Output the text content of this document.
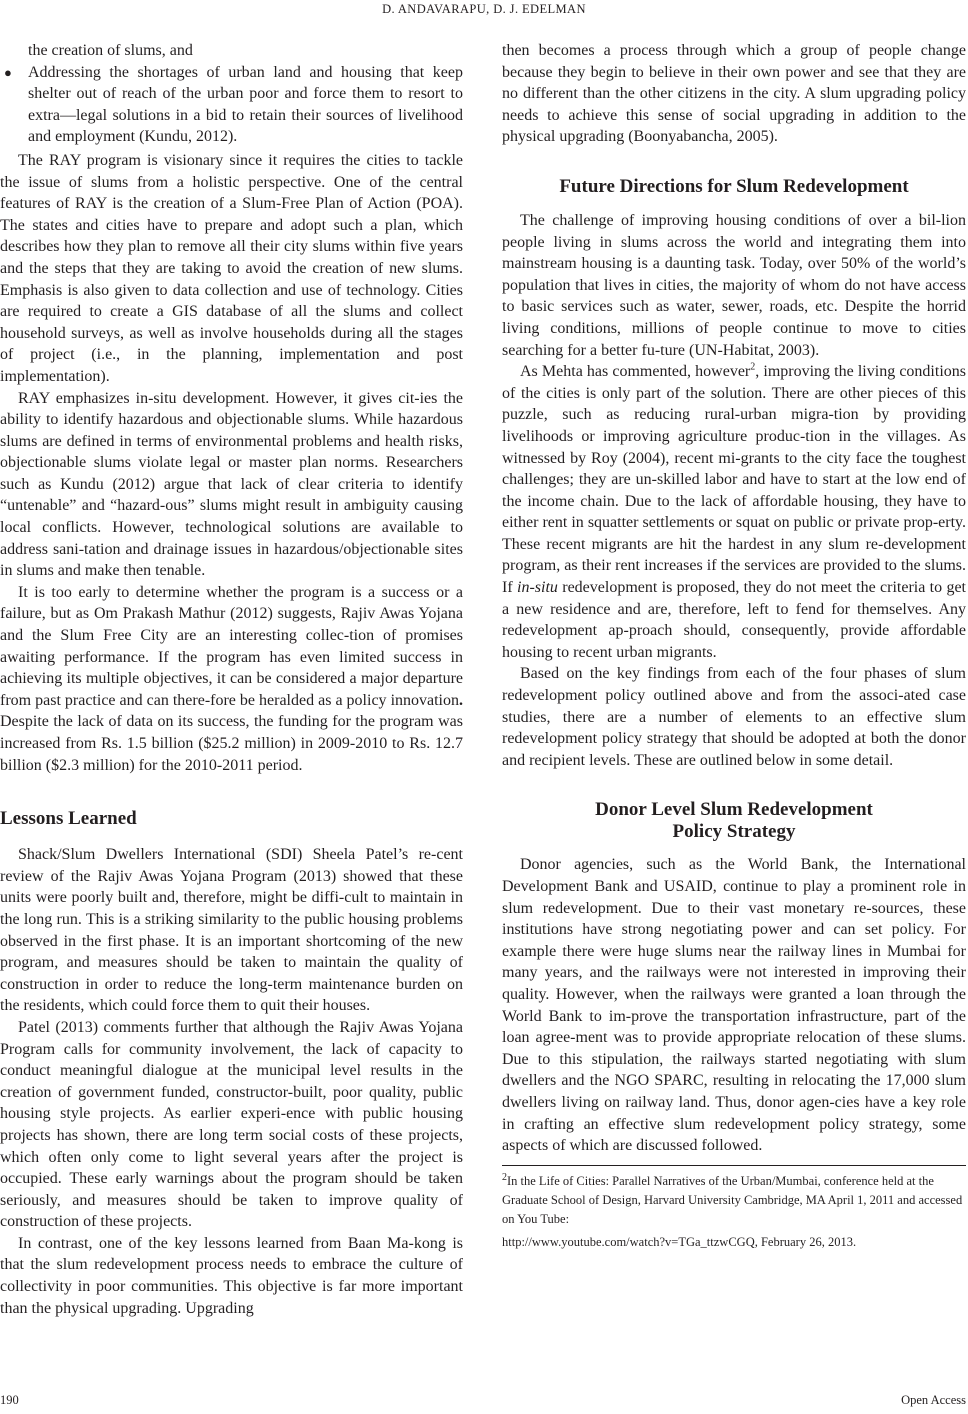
D. ANDAVARAPU, D. J. EDELMAN
the creation of slums, and
● Addressing the shortages of urban land and housing that keep shelter out of reach of the urban poor and force them to resort to extra—legal solutions in a bid to retain their sources of livelihood and employment (Kundu, 2012).

The RAY program is visionary since it requires the cities to tackle the issue of slums from a holistic perspective. One of the central features of RAY is the creation of a Slum-Free Plan of Action (POA). The states and cities have to prepare and adopt such a plan, which describes how they plan to remove all their city slums within five years and the steps that they are taking to avoid the creation of new slums. Emphasis is also given to data collection and use of technology. Cities are required to create a GIS database of all the slums and collect household surveys, as well as involve households during all the stages of project (i.e., in the planning, implementation and post implementation).

RAY emphasizes in-situ development. However, it gives cit-ies the ability to identify hazardous and objectionable slums. While hazardous slums are defined in terms of environmental problems and health risks, objectionable slums violate legal or master plan norms. Researchers such as Kundu (2012) argue that lack of clear criteria to identify “untenable” and “hazard-ous” slums might result in ambiguity causing local conflicts. However, technological solutions are available to address sani-tation and drainage issues in hazardous/objectionable sites in slums and make then tenable.

It is too early to determine whether the program is a success or a failure, but as Om Prakash Mathur (2012) suggests, Rajiv Awas Yojana and the Slum Free City are an interesting collec-tion of promises awaiting performance. If the program has even limited success in achieving its multiple objectives, it can be considered a major departure from past practice and can there-fore be heralded as a policy innovation. Despite the lack of data on its success, the funding for the program was increased from Rs. 1.5 billion ($25.2 million) in 2009-2010 to Rs. 12.7 billion ($2.3 million) for the 2010-2011 period.

Lessons Learned

Shack/Slum Dwellers International (SDI) Sheela Patel’s re-cent review of the Rajiv Awas Yojana Program (2013) showed that these units were poorly built and, therefore, might be diffi-cult to maintain in the long run. This is a striking similarity to the public housing problems observed in the first phase. It is an important shortcoming of the new program, and measures should be taken to maintain the quality of construction in order to reduce the long-term maintenance burden on the residents, which could force them to quit their houses.

Patel (2013) comments further that although the Rajiv Awas Yojana Program calls for community involvement, the lack of capacity to conduct meaningful dialogue at the municipal level results in the creation of government funded, constructor-built, poor quality, public housing style projects. As earlier experi-ence with public housing projects has shown, there are long term social costs of these projects, which often only come to light several years after the project is occupied. These early warnings about the program should be taken seriously, and measures should be taken to improve quality of construction of these projects.

In contrast, one of the key lessons learned from Baan Ma-kong is that the slum redevelopment process needs to embrace the culture of collectivity in poor communities. This objective is far more important than the physical upgrading. Upgrading

then becomes a process through which a group of people change because they begin to believe in their own power and see that they are no different than the other citizens in the city. A slum upgrading policy needs to achieve this sense of social upgrading in addition to the physical upgrading (Boonyabancha, 2005).

Future Directions for Slum Redevelopment

The challenge of improving housing conditions of over a bil-lion people living in slums across the world and integrating them into mainstream housing is a daunting task. Today, over 50% of the world’s population that lives in cities, the majority of whom do not have access to basic services such as water, sewer, roads, etc. Despite the horrid living conditions, millions of people continue to move to cities searching for a better fu-ture (UN-Habitat, 2003).

As Mehta has commented, however$^2$, improving the living conditions of the cities is only part of the solution. There are other pieces of this puzzle, such as reducing rural-urban migra-tion by providing livelihoods or improving agriculture produc-tion in the villages. As witnessed by Roy (2004), recent mi-grants to the city face the toughest challenges; they are un-skilled labor and have to start at the low end of the income chain. Due to the lack of affordable housing, they have to either rent in squatter settlements or squat on public or private prop-erty. These recent migrants are hit the hardest in any slum re-development program, as their rent increases if the services are provided to the slums. If in-situ redevelopment is proposed, they do not meet the criteria to get a new residence and are, therefore, left to fend for themselves. Any redevelopment ap-proach should, consequently, provide affordable housing to recent urban migrants.

Based on the key findings from each of the four phases of slum redevelopment policy outlined above and from the associ-ated case studies, there are a number of elements to an effective slum redevelopment policy strategy that should be adopted at both the donor and recipient levels. These are outlined below in some detail.

Donor Level Slum Redevelopment
Policy Strategy

Donor agencies, such as the World Bank, the International Development Bank and USAID, continue to play a prominent role in slum redevelopment. Due to their vast monetary re-sources, these institutions have strong negotiating power and can set policy. For example there were huge slums near the railway lines in Mumbai for many years, and the railways were not interested in improving their quality. However, when the railways were granted a loan through the World Bank to im-prove the transportation infrastructure, part of the loan agree-ment was to provide appropriate relocation of these slums. Due to this stipulation, the railways started negotiating with slum dwellers and the NGO SPARC, resulting in relocating the 17,000 slum dwellers living on railway land. Thus, donor agen-cies have a key role in crafting an effective slum redevelopment policy strategy, some aspects of which are discussed followed.

$^2$In the Life of Cities: Parallel Narratives of the Urban/Mumbai, conference held at the Graduate School of Design, Harvard University Cambridge, MA April 1, 2011 and accessed on You Tube:
http://www.youtube.com/watch?v=TGa_ttzwCGQ, February 26, 2013.
190	Open Access
